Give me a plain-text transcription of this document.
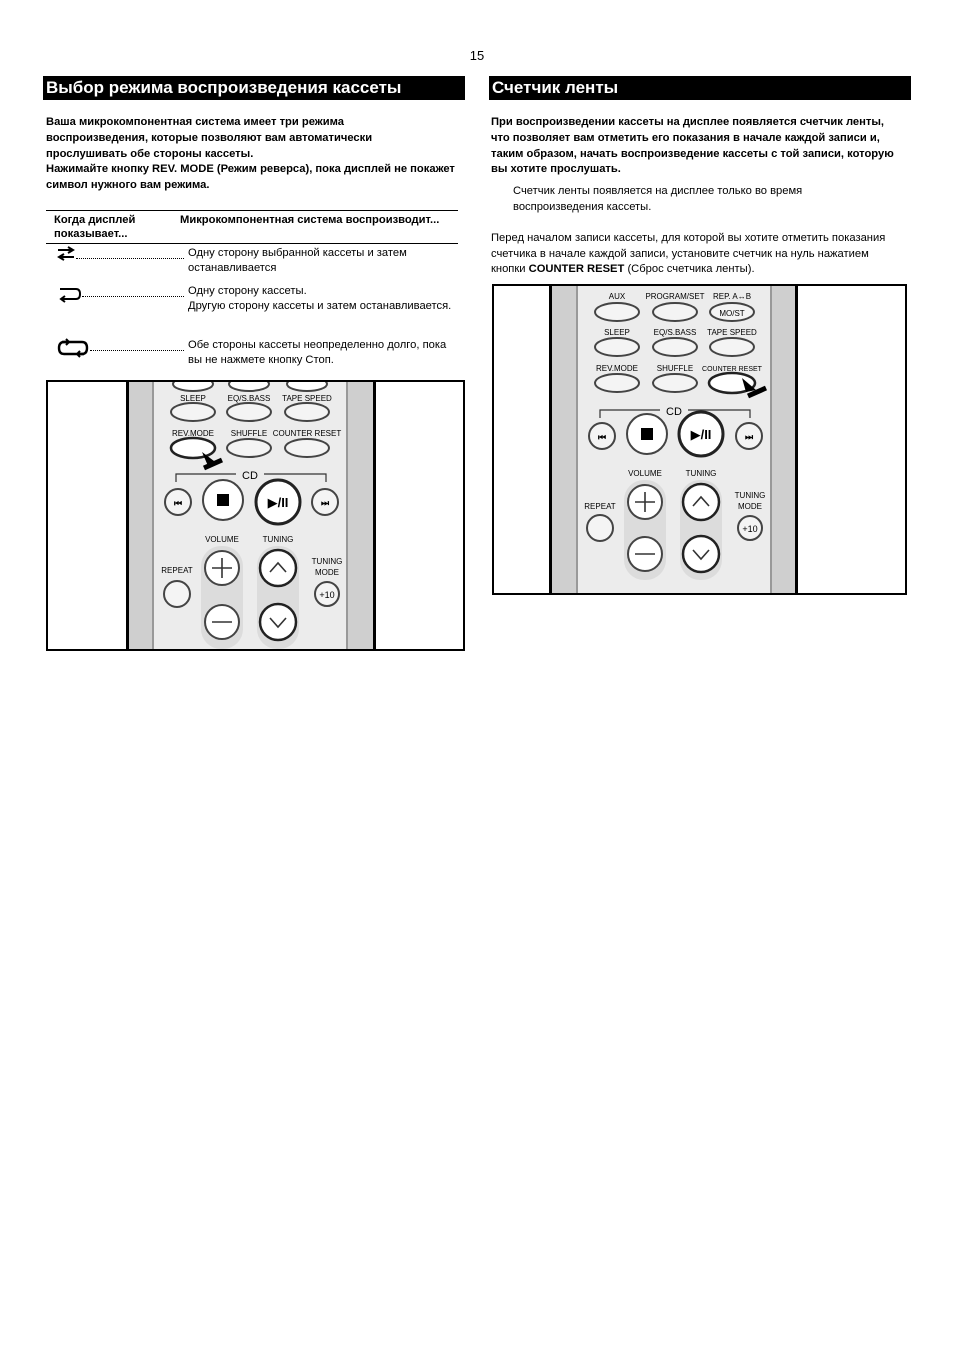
15
Выбор режима воспроизведения кассеты

Ваша микрокомпонентная система имеет три режима воспроизведения, которые позволяют вам автоматически прослушивать обе стороны кассеты.

Нажимайте кнопку REV. MODE (Режим реверса), пока дисплей не покажет символ нужного вам режима.

Когда дисплей показывает...
Микрокомпонентная система воспроизводит...
Одну сторону выбранной кассеты и затем останавливается
Одну сторону кассеты.
Другую сторону кассеты и затем останавливается.
Обе стороны кассеты неопределенно долго, пока вы не нажмете кнопку Стоп.
SLEEP	EQ/S.BASS TAPE SPEED
REV.MODE SHUFFLE COUNTER RESET
CD
⏮	▶/II	⏭
VOLUME	TUNING
REPEAT
TUNING
MODE
+10
Счетчик ленты

При воспроизведении кассеты на дисплее появляется счетчик ленты, что позволяет вам отметить его показания в начале каждой записи и, таким образом, начать воспроизведение кассеты с той записи, которую вы хотите прослушать.

Счетчик ленты появляется на дисплее только во время воспроизведения кассеты.

Перед началом записи кассеты, для которой вы хотите отметить показания счетчика в начале каждой записи, установите счетчик на нуль нажатием кнопки COUNTER RESET (Сброс счетчика ленты).

AUX	PROGRAM/SET REP. A↔B
MO/ST
SLEEP	EQ/S.BASS TAPE SPEED
REV.MODE SHUFFLE COUNTER RESET
CD
⏮	▶/II	⏭
VOLUME	TUNING
REPEAT
TUNING
MODE
+10
